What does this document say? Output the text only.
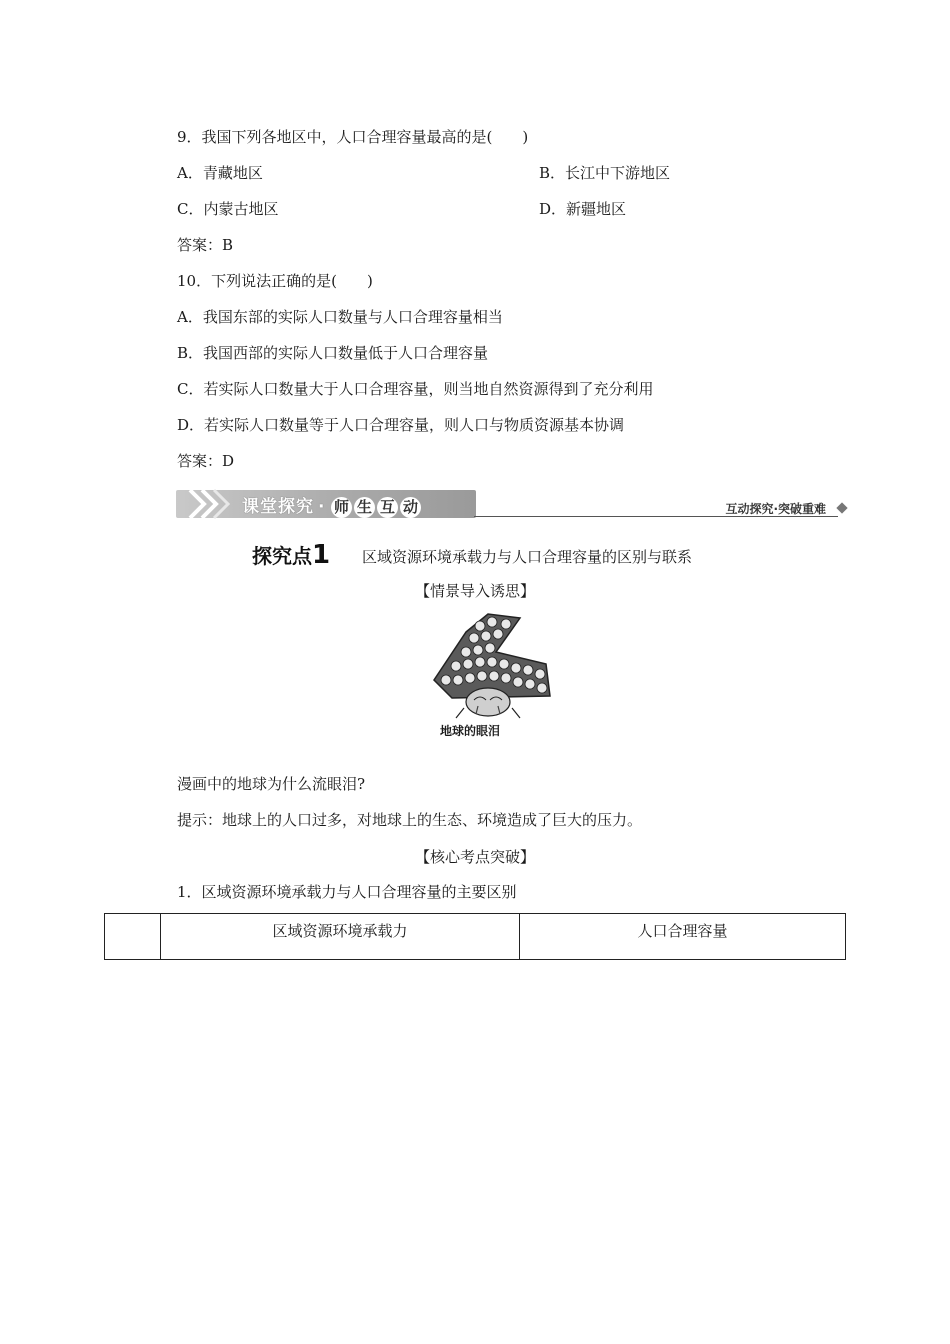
9．我国下列各地区中，人口合理容量最高的是(　　)
A．青藏地区	B．长江中下游地区
C．内蒙古地区	D．新疆地区
答案：B
10．下列说法正确的是(　　)
A．我国东部的实际人口数量与人口合理容量相当
B．我国西部的实际人口数量低于人口合理容量
C．若实际人口数量大于人口合理容量，则当地自然资源得到了充分利用
D．若实际人口数量等于人口合理容量，则人口与物质资源基本协调
答案：D
课堂探究 · 师 生 互 动	互动探究·突破重难
探究点1 区域资源环境承载力与人口合理容量的区别与联系
【情景导入诱思】
地球的眼泪
漫画中的地球为什么流眼泪?
提示：地球上的人口过多，对地球上的生态、环境造成了巨大的压力。
【核心考点突破】
1．区域资源环境承载力与人口合理容量的主要区别
	区域资源环境承载力	人口合理容量
